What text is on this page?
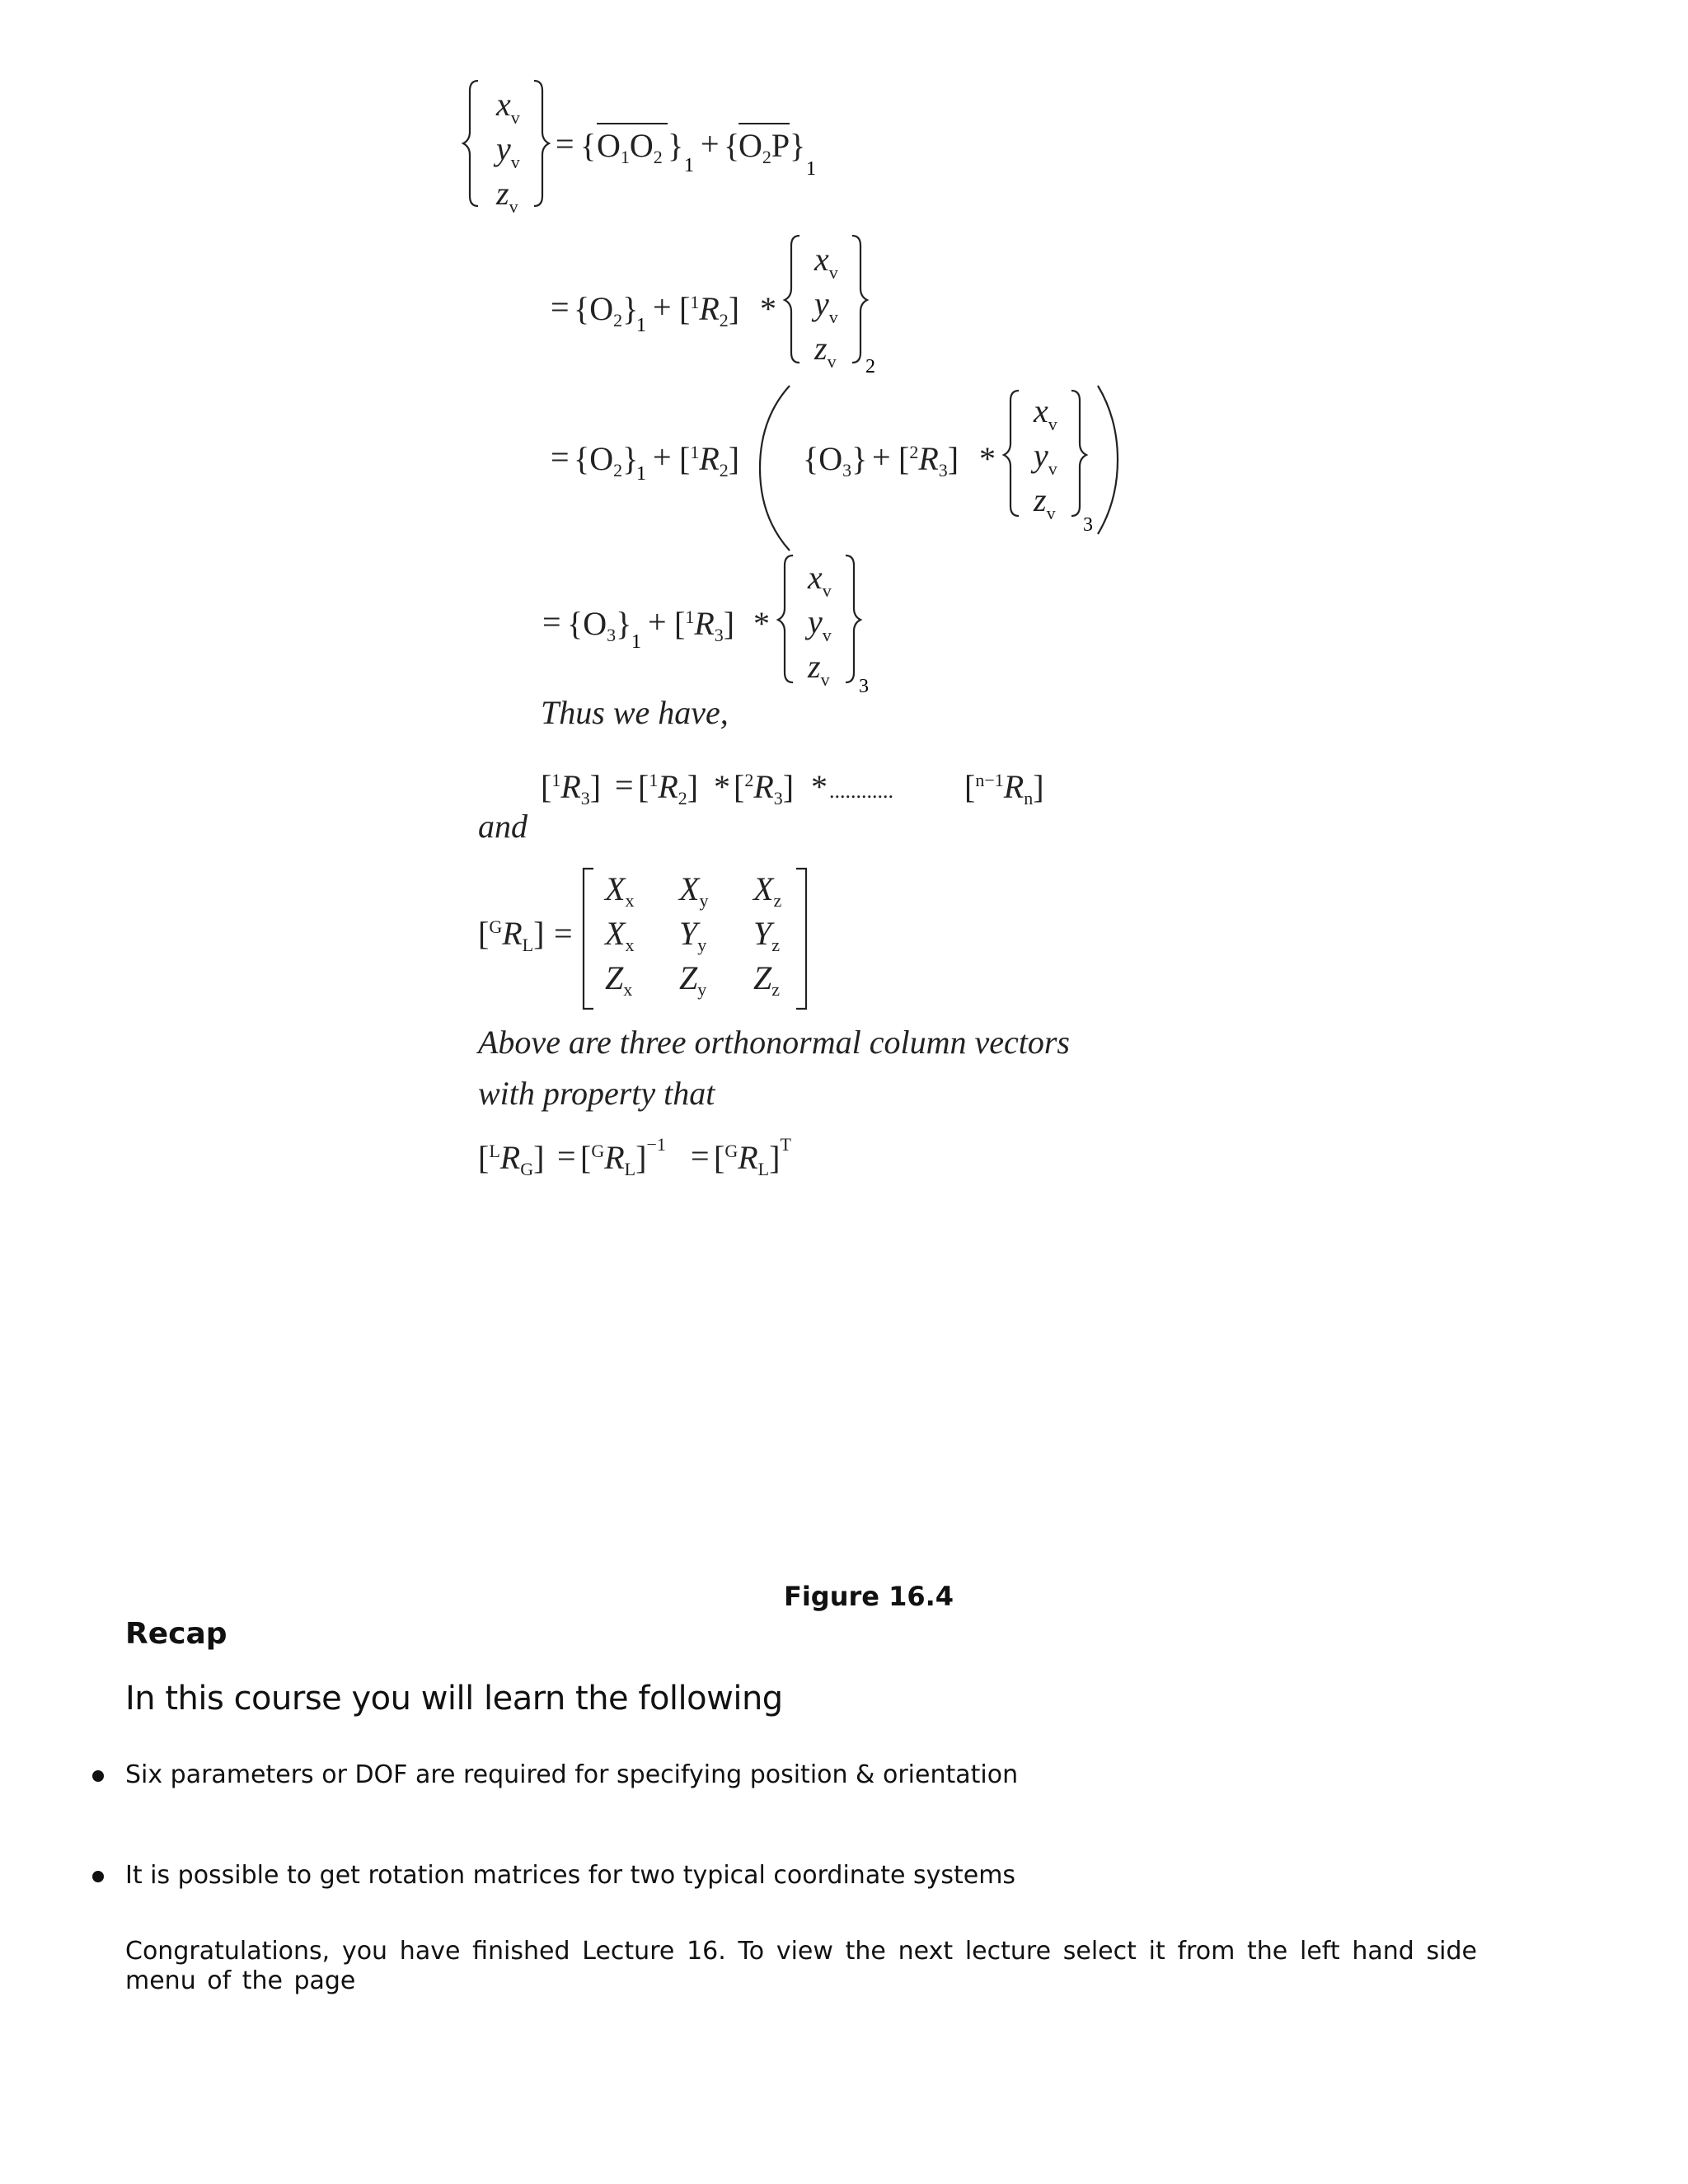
$x_v$
$y_v$
$z_v$
= { $O_1O_2$ }
1
+ {
$O_2P$ }
1
= $\{O_2\}$
$1 + [^1R_2]$ *
$x_v$
$y_v$
$z_v$ 2
= $\{O_2\}$
$1 + [^1R_2] \{O_3\} + [^2R_3]$ *
$x_v$
$y_v$
$z_v$
3
= $\{O_3\}$ 1
+ $[^1R_3]$ *
$x_v$
$y_v$
$z_v$ 3
Thus we have,
$[^1R_3] = [^1R_2] * [^2R_3]$ * ............ $[^n-1R_n]$
and
$[^GR_L]$ =
$X_x$ $X_y$ $X_z$
$X_x$ $Y_y$ $Y_z$
$Z_x$ $Z_y$ $Z_z$
Above are three orthonormal column vectors
with property that
$[^LR_G] = [^GR_L]^{-1} = [^GR_L]^T$
Figure 16.4
Recap

In this course you will learn the following

Six parameters or DOF are required for specifying position & orientation
It is possible to get rotation matrices for two typical coordinate systems

Congratulations, you have finished Lecture 16. To view the next lecture select it from the left hand side menu of the page
